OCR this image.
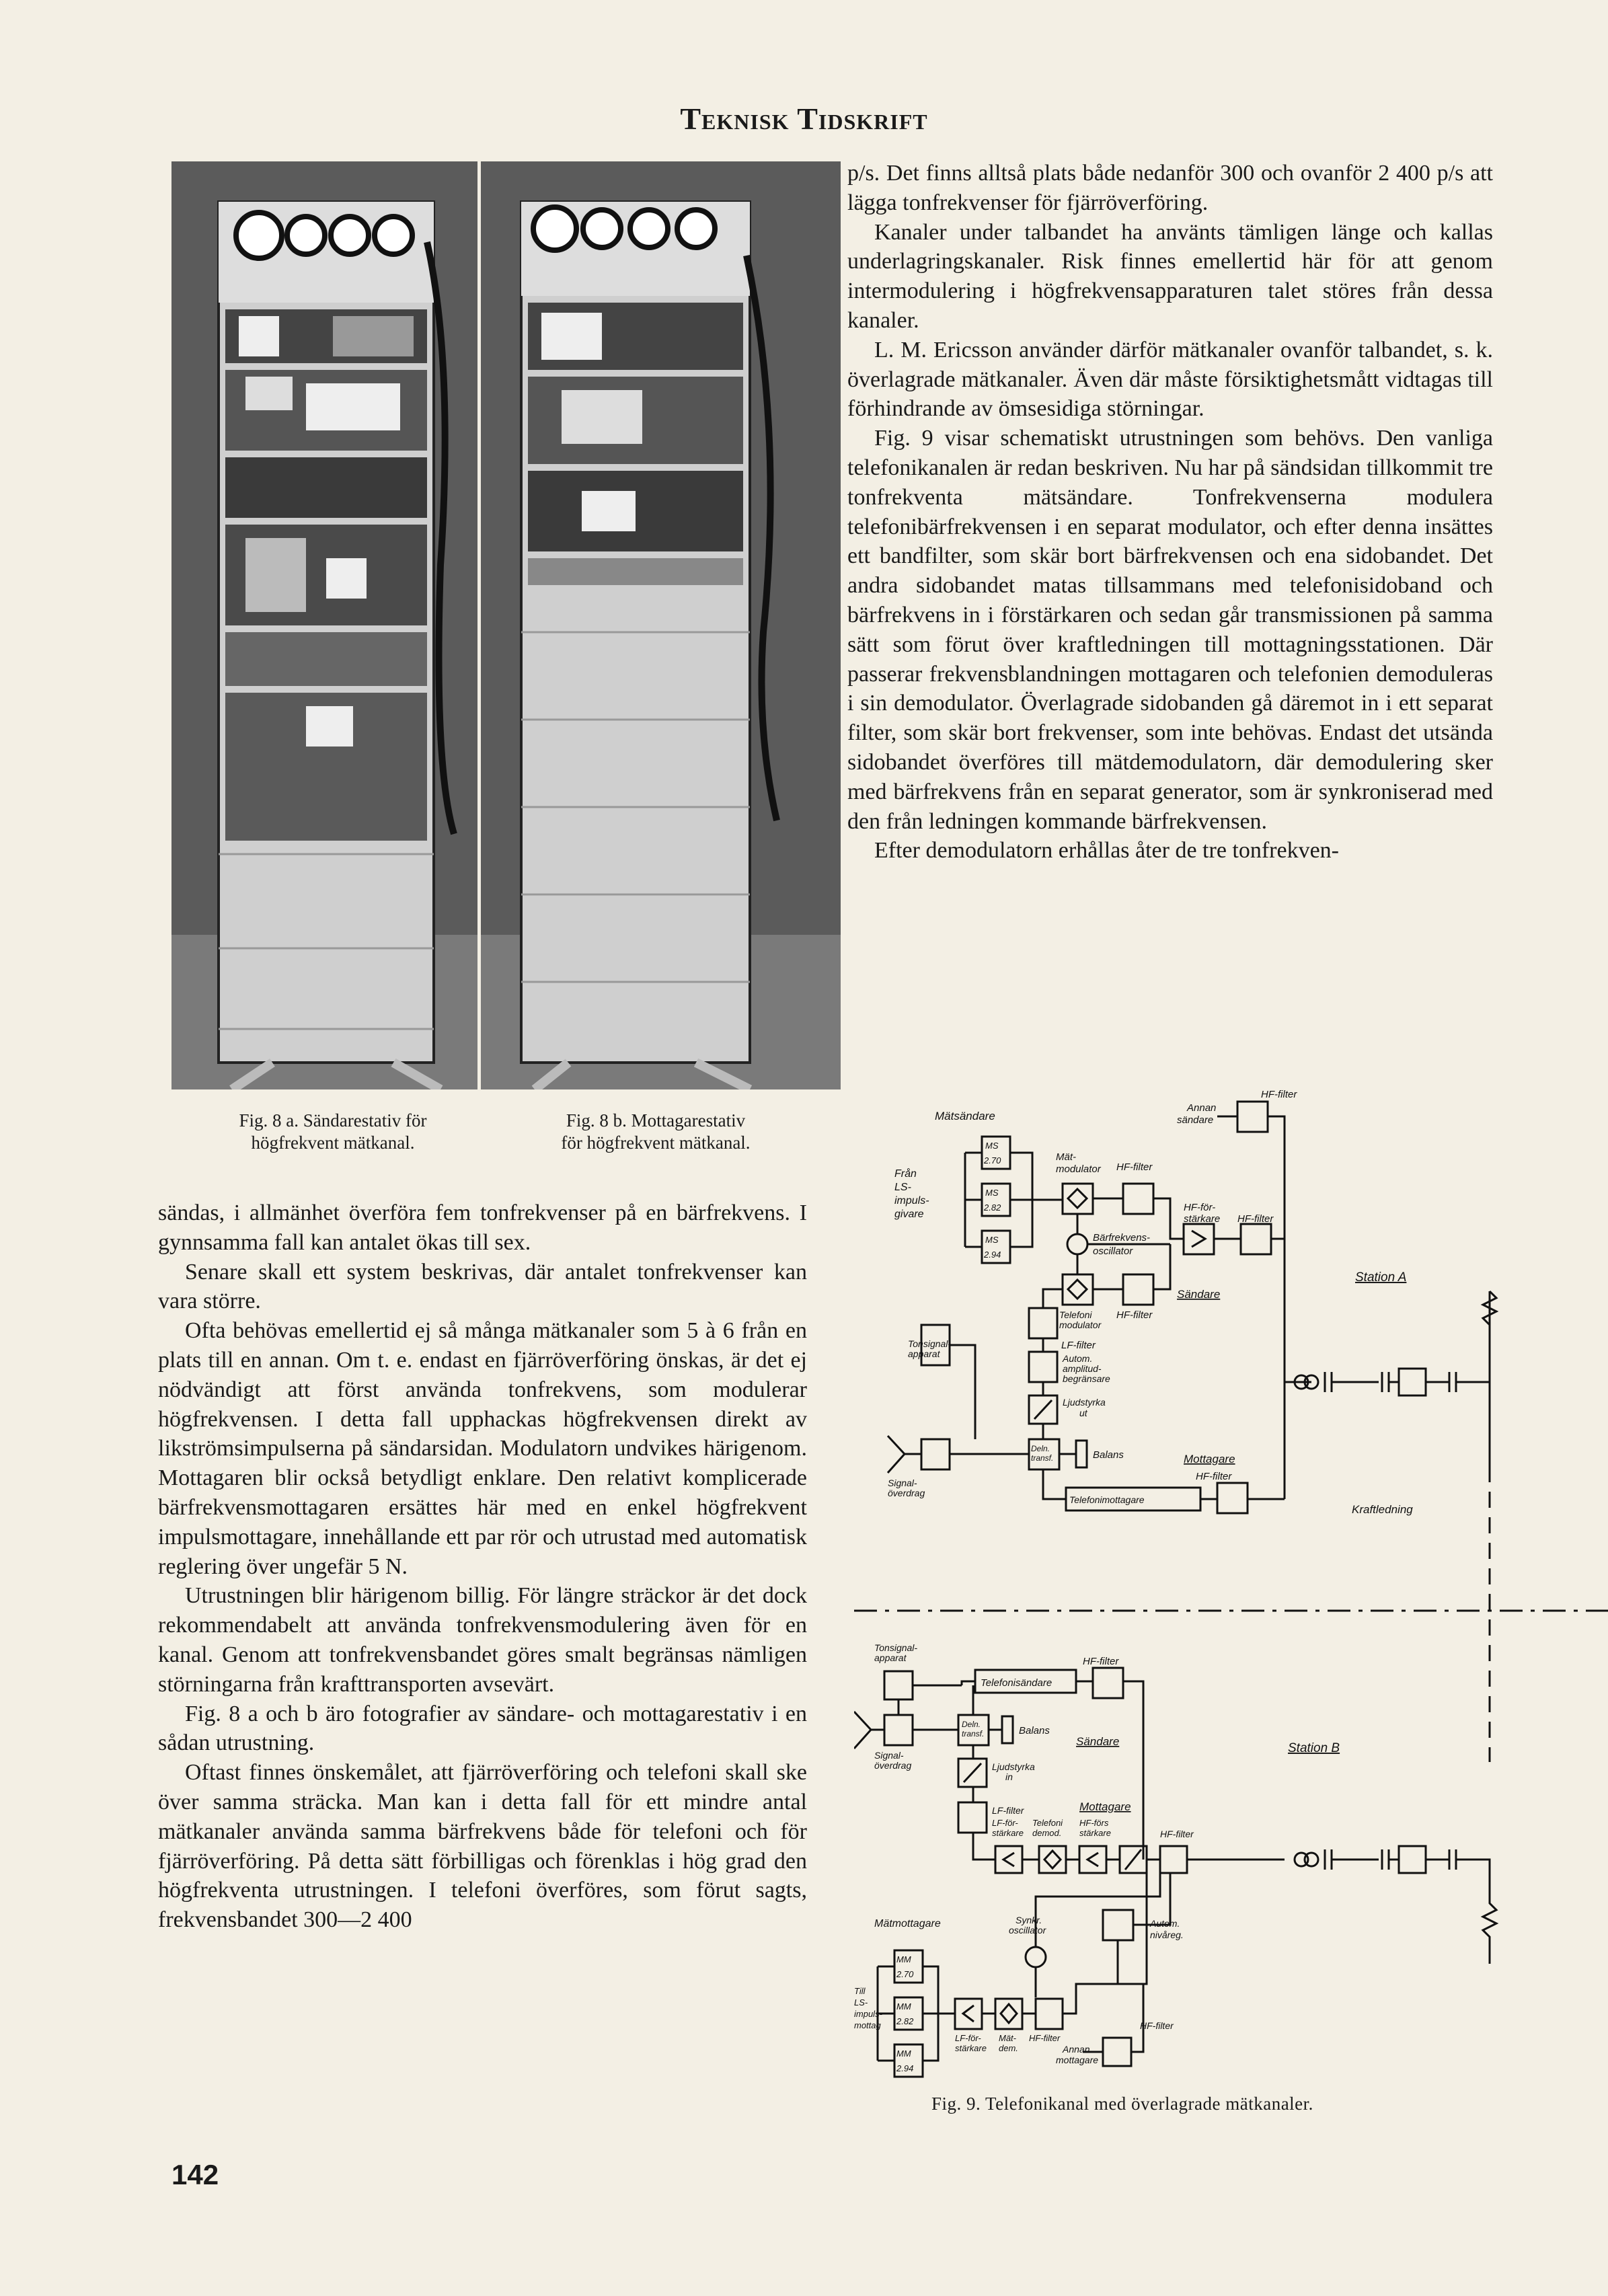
Teknisk Tidskrift
Fig. 8 a. Sändarestativ för
högfrekvent mätkanal.
Fig. 8 b. Mottagarestativ
för högfrekvent mätkanal.

sändas, i allmänhet överföra fem tonfrekvenser på en bärfrekvens. I gynnsamma fall kan antalet ökas till sex.

Senare skall ett system beskrivas, där antalet tonfrekvenser kan vara större.

Ofta behövas emellertid ej så många mätkanaler som 5 à 6 från en plats till en annan. Om t. e. endast en fjärröverföring önskas, är det ej nödvändigt att först använda tonfrekvens, som modulerar högfrekvensen. I detta fall upphackas högfrekvensen direkt av likströmsimpulserna på sändarsidan. Modulatorn undvikes härigenom. Mottagaren blir också betydligt enklare. Den relativt komplicerade bärfrekvensmottagaren ersättes här med en enkel högfrekvent impulsmottagare, innehållande ett par rör och utrustad med automatisk reglering över ungefär 5 N.

Utrustningen blir härigenom billig. För längre sträckor är det dock rekommendabelt att använda tonfrekvensmodulering även för en kanal. Genom att tonfrekvensbandet göres smalt begränsas nämligen störningarna från krafttransporten avsevärt.

Fig. 8 a och b äro fotografier av sändare- och mottagarestativ i en sådan utrustning.

Oftast finnes önskemålet, att fjärröverföring och telefoni skall ske över samma sträcka. Man kan i detta fall för ett mindre antal mätkanaler använda samma bärfrekvens både för telefoni och för fjärröverföring. På detta sätt förbilligas och förenklas i hög grad den högfrekventa utrustningen. I telefoni överföres, som förut sagts, frekvensbandet 300—2 400

p/s. Det finns alltså plats både nedanför 300 och ovanför 2 400 p/s att lägga tonfrekvenser för fjärröverföring.

Kanaler under talbandet ha använts tämligen länge och kallas underlagringskanaler. Risk finnes emellertid här för att genom intermodulering i högfrekvensapparaturen talet störes från dessa kanaler.

L. M. Ericsson använder därför mätkanaler ovanför talbandet, s. k. överlagrade mätkanaler. Även där måste försiktighetsmått vidtagas till förhindrande av ömsesidiga störningar.

Fig. 9 visar schematiskt utrustningen som behövs. Den vanliga telefonikanalen är redan beskriven. Nu har på sändsidan tillkommit tre tonfrekventa mätsändare. Tonfrekvenserna modulera telefonibärfrekvensen i en separat modulator, och efter denna insättes ett bandfilter, som skär bort bärfrekvensen och ena sidobandet. Det andra sidobandet matas tillsammans med telefonisidoband och bärfrekvens in i förstärkaren och sedan går transmissionen på samma sätt som förut över kraftledningen till mottagningsstationen. Där passerar frekvensblandningen mottagaren och telefonien demoduleras i sin demodulator. Överlagrade sidobanden gå däremot in i ett separat filter, som skär bort frekvenser, som inte behövas. Endast det utsända sidobandet överföres till mätdemodulatorn, där demodulering sker med bärfrekvens från en separat generator, som är synkroniserad med den från ledningen kommande bärfrekvensen.

Efter demodulatorn erhållas åter de tre tonfrekven-

Mätsändare
MS
2.70
MS
2.82
MS
2.94
Från
LS-
impuls-
givare
Mät-
modulator HF-filter
HF-för-
stärkare HF-filter
HF-filter
Annan
sändare
Bärfrekvens-
oscillator
Telefoni
modulator
HF-filter
LF-filter
Sändare
Station A
Tonsignal-
apparat	Autom.
amplitud-
begränsare
Ljudstyrka
ut
Deln.
transf.	Balans
Signal-
överdrag
Mottagare
HF-filter
Telefonimottagare
Kraftledning
Tonsignal-
apparat
Telefonisändare
HF-filter
Sändare
Deln.
transf.	Balans
Signal-
överdrag	Ljudstyrka
in
LF-filter	Mottagare
Station B
LF-för-
stärkare
Telefoni
demod.
HF-förs
stärkare	HF-filter
Mätmottagare	Synkr.
oscillator
Autom.
nivåreg.
Till
LS-
impuls-
mottag
MM
2.70
MM
2.82
MM
2.94
LF-för-
stärkare
Mät-
dem.
HF-filter
HF-filter
Annan
mottagare
Fig. 9. Telefonikanal med överlagrade mätkanaler.
142
